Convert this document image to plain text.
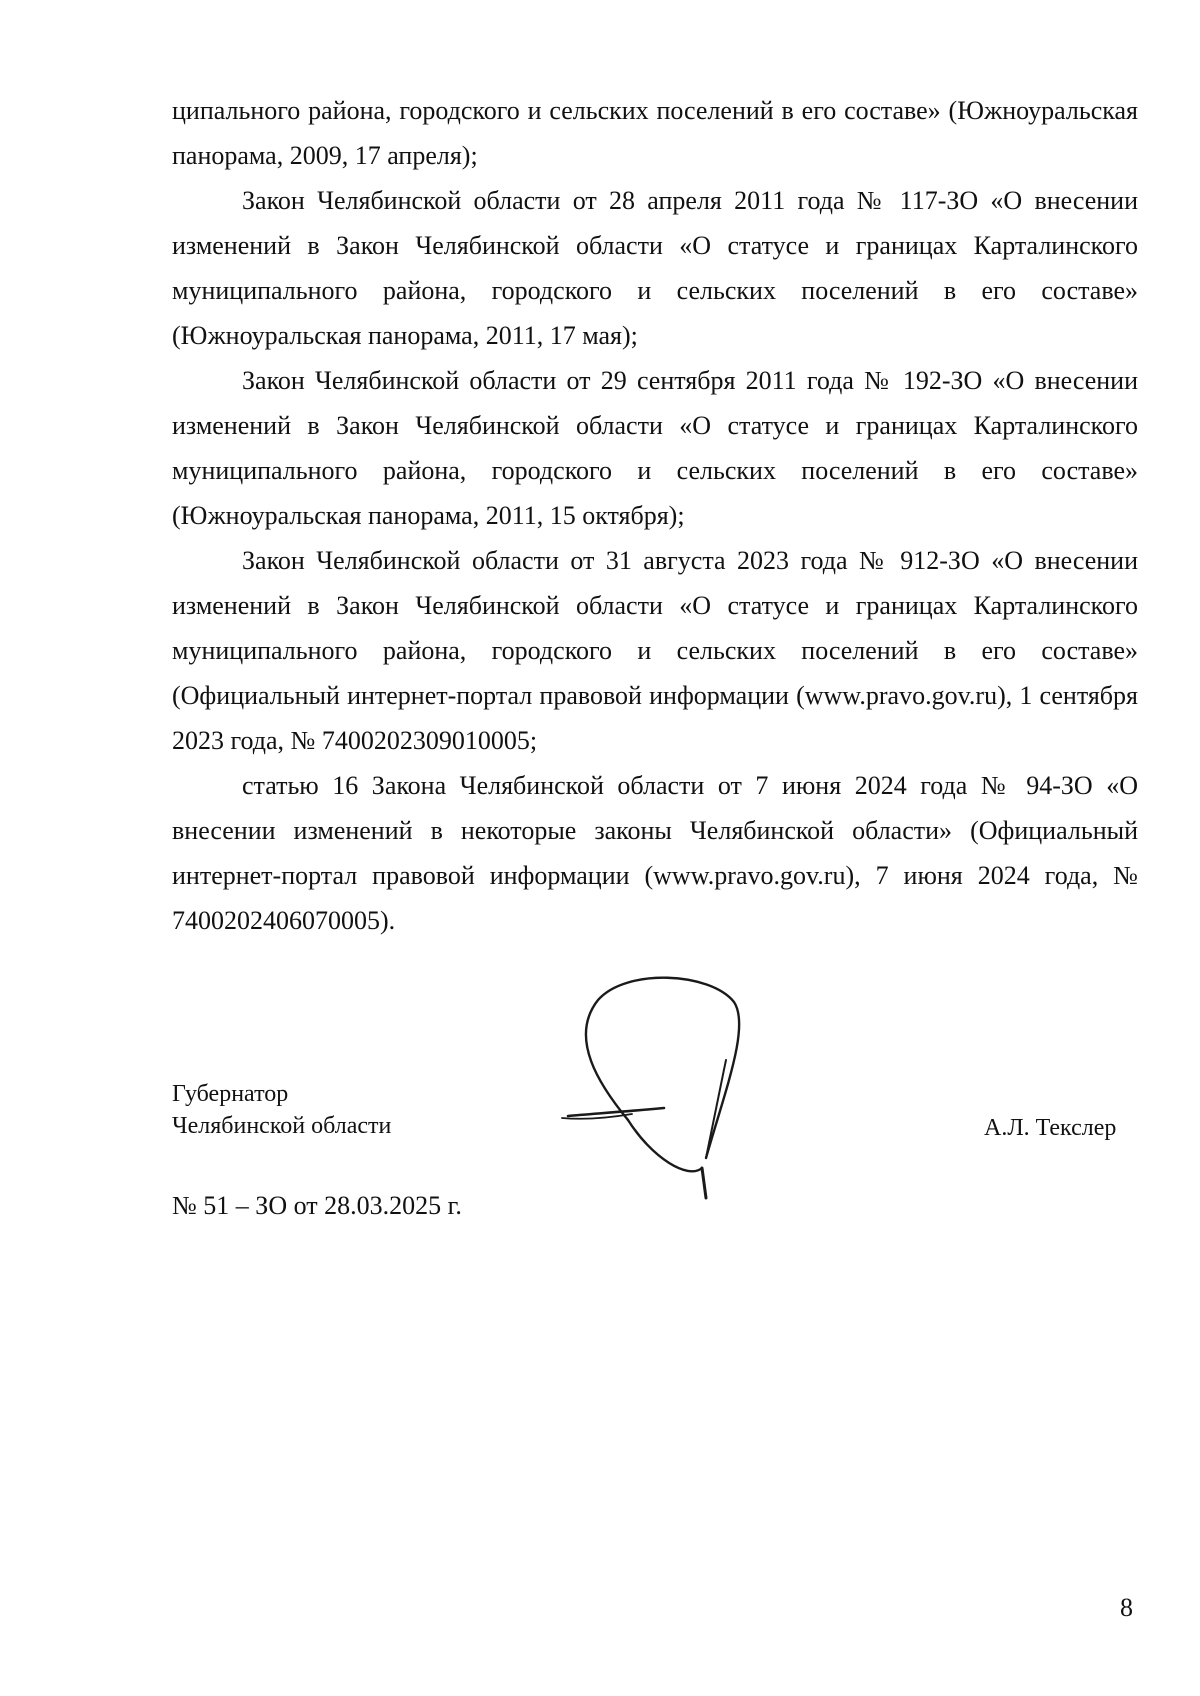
ципального района, городского и сельских поселений в его составе» (Южноуральская панорама, 2009, 17 апреля);

Закон Челябинской области от 28 апреля 2011 года № 117-ЗО «О внесении изменений в Закон Челябинской области «О статусе и границах Карталинского муниципального района, городского и сельских поселений в его составе» (Южноуральская панорама, 2011, 17 мая);

Закон Челябинской области от 29 сентября 2011 года № 192-ЗО «О внесении изменений в Закон Челябинской области «О статусе и границах Карталинского муниципального района, городского и сельских поселений в его составе» (Южноуральская панорама, 2011, 15 октября);

Закон Челябинской области от 31 августа 2023 года № 912-ЗО «О внесении изменений в Закон Челябинской области «О статусе и границах Карталинского муниципального района, городского и сельских поселений в его составе» (Официальный интернет-портал правовой информации (www.pravo.gov.ru), 1 сентября 2023 года, № 7400202309010005;

статью 16 Закона Челябинской области от 7 июня 2024 года № 94-ЗО «О внесении изменений в некоторые законы Челябинской области» (Официальный интернет-портал правовой информации (www.pravo.gov.ru), 7 июня 2024 года, № 7400202406070005).

Губернатор
Челябинской области	А.Л. Текслер
№ 51 – ЗО от 28.03.2025 г.
8
